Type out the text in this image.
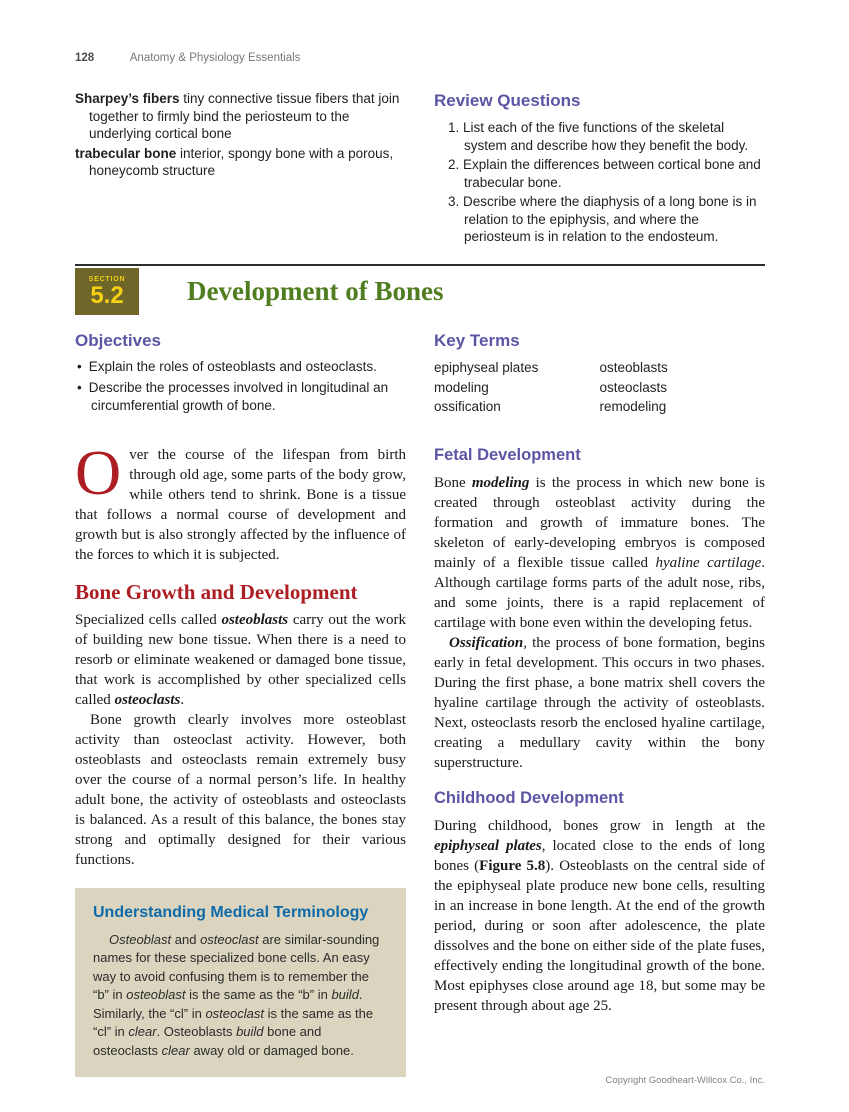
128	Anatomy & Physiology Essentials

Sharpey’s fibers tiny connective tissue fibers that join together to firmly bind the periosteum to the underlying cortical bone

trabecular bone interior, spongy bone with a porous, honeycomb structure

Review Questions
List each of the five functions of the skeletal system and describe how they benefit the body.
Explain the differences between cortical bone and trabecular bone.
Describe where the diaphysis of a long bone is in relation to the epiphysis, and where the periosteum is in relation to the endosteum.
SECTION
5.2 Development of Bones
Objectives
• Explain the roles of osteoblasts and osteoclasts.
• Describe the processes involved in longitudinal an circumferential growth of bone.
Key Terms
epiphyseal plates
modeling
ossification
osteoblasts
osteoclasts
remodeling

Over the course of the lifespan from birth through old age, some parts of the body grow, while others tend to shrink. Bone is a tissue that follows a normal course of development and growth but is also strongly affected by the influence of the forces to which it is subjected.

Bone Growth and Development

Specialized cells called osteoblasts carry out the work of building new bone tissue. When there is a need to resorb or eliminate weakened or damaged bone tissue, that work is accomplished by other specialized cells called osteoclasts.

Bone growth clearly involves more osteoblast activity than osteoclast activity. However, both osteoblasts and osteoclasts remain extremely busy over the course of a normal person’s life. In healthy adult bone, the activity of osteoblasts and osteoclasts is balanced. As a result of this balance, the bones stay strong and optimally designed for their various functions.

Understanding Medical Terminology

Osteoblast and osteoclast are similar-sounding names for these specialized bone cells. An easy way to avoid confusing them is to remember the “b” in osteoblast is the same as the “b” in build. Similarly, the “cl” in osteoclast is the same as the “cl” in clear. Osteoblasts build bone and osteoclasts clear away old or damaged bone.

Fetal Development

Bone modeling is the process in which new bone is created through osteoblast activity during the formation and growth of immature bones. The skeleton of early-developing embryos is composed mainly of a flexible tissue called hyaline cartilage. Although cartilage forms parts of the adult nose, ribs, and some joints, there is a rapid replacement of cartilage with bone even within the developing fetus.

Ossification, the process of bone formation, begins early in fetal development. This occurs in two phases. During the first phase, a bone matrix shell covers the hyaline cartilage through the activity of osteoblasts. Next, osteoclasts resorb the enclosed hyaline cartilage, creating a medullary cavity within the bony superstructure.

Childhood Development

During childhood, bones grow in length at the epiphyseal plates, located close to the ends of long bones (Figure 5.8). Osteoblasts on the central side of the epiphyseal plate produce new bone cells, resulting in an increase in bone length. At the end of the growth period, during or soon after adolescence, the plate dissolves and the bone on either side of the plate fuses, effectively ending the longitudinal growth of the bone. Most epiphyses close around age 18, but some may be present through about age 25.

Copyright Goodheart-Willcox Co., Inc.
